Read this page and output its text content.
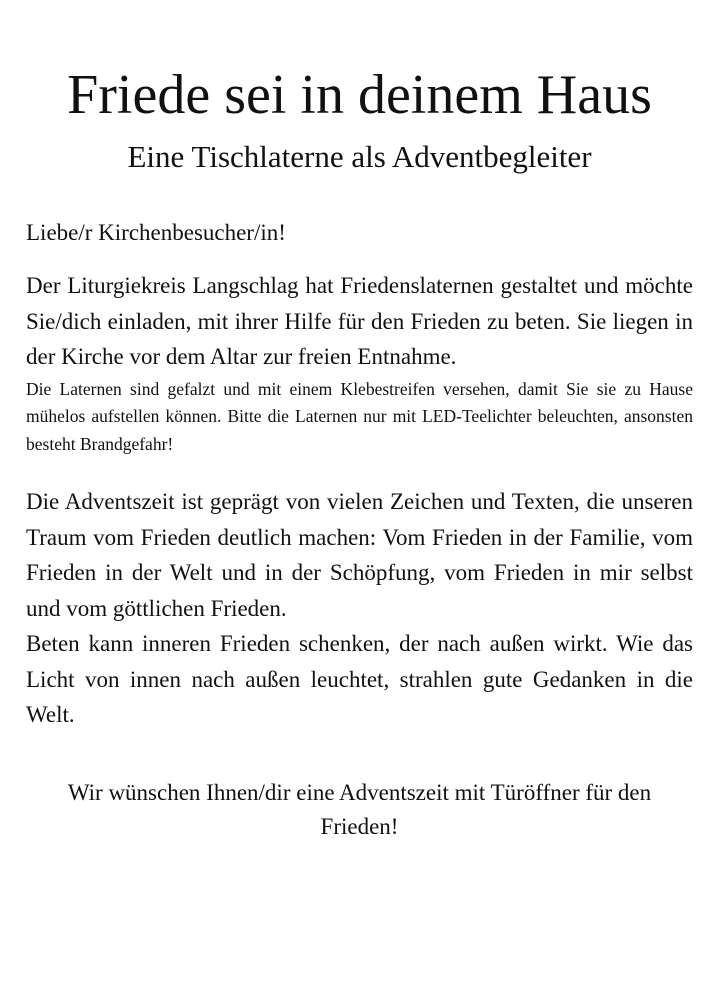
Friede sei in deinem Haus
Eine Tischlaterne als Adventbegleiter

Liebe/r Kirchenbesucher/in!

Der Liturgiekreis Langschlag hat Friedenslaternen gestaltet und möchte Sie/dich einladen, mit ihrer Hilfe für den Frieden zu beten. Sie liegen in der Kirche vor dem Altar zur freien Entnahme.

Die Laternen sind gefalzt und mit einem Klebestreifen versehen, damit Sie sie zu Hause mühelos aufstellen können. Bitte die Laternen nur mit LED-Teelichter beleuchten, ansonsten besteht Brandgefahr!

Die Adventszeit ist geprägt von vielen Zeichen und Texten, die unseren Traum vom Frieden deutlich machen: Vom Frieden in der Familie, vom Frieden in der Welt und in der Schöpfung, vom Frieden in mir selbst und vom göttlichen Frieden.

Beten kann inneren Frieden schenken, der nach außen wirkt. Wie das Licht von innen nach außen leuchtet, strahlen gute Gedanken in die Welt.

Wir wünschen Ihnen/dir eine Adventszeit mit Türöffner für den Frieden!
